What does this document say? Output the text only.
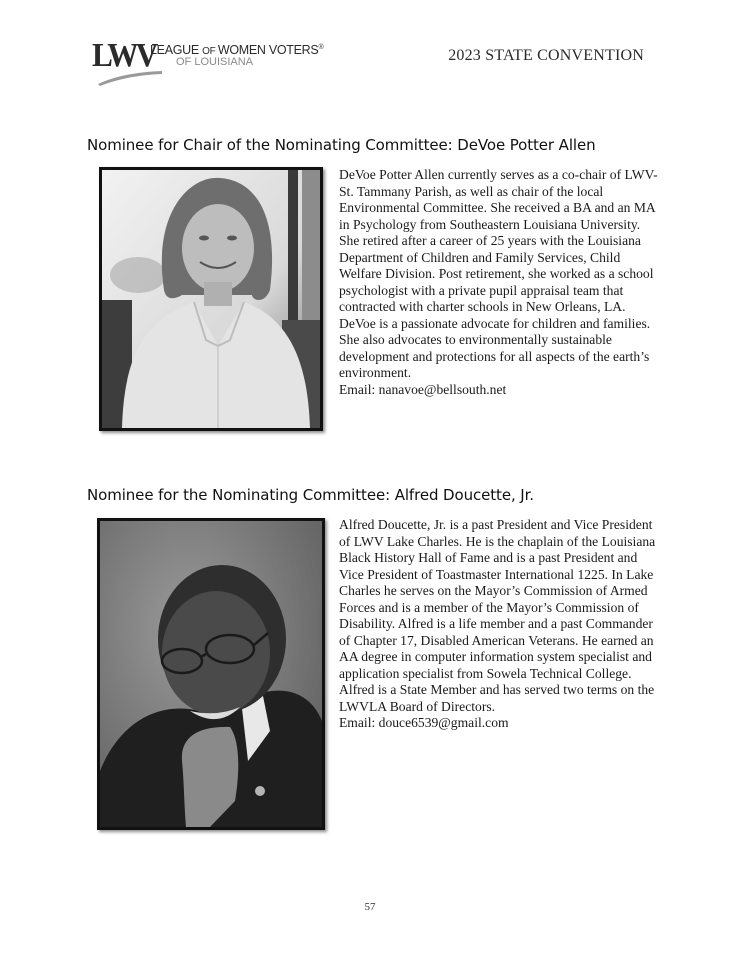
LWV
LEAGUE OF WOMEN VOTERS®
OF LOUISIANA	2023 STATE CONVENTION
Nominee for Chair of the Nominating Committee: DeVoe Potter Allen

DeVoe Potter Allen currently serves as a co-chair of LWV-St. Tammany Parish, as well as chair of the local Environmental Committee. She received a BA and an MA in Psychology from Southeastern Louisiana University. She retired after a career of 25 years with the Louisiana Department of Children and Family Services, Child Welfare Division. Post retirement, she worked as a school psychologist with a private pupil appraisal team that contracted with charter schools in New Orleans, LA. DeVoe is a passionate advocate for children and families. She also advocates to environmentally sustainable development and protections for all aspects of the earth’s environment.

Email: nanavoe@bellsouth.net

Nominee for the Nominating Committee: Alfred Doucette, Jr.

Alfred Doucette, Jr. is a past President and Vice President of LWV Lake Charles. He is the chaplain of the Louisiana Black History Hall of Fame and is a past President and Vice President of Toastmaster International 1225. In Lake Charles he serves on the Mayor’s Commission of Armed Forces and is a member of the Mayor’s Commission of Disability. Alfred is a life member and a past Commander of Chapter 17, Disabled American Veterans. He earned an AA degree in computer information system specialist and application specialist from Sowela Technical College. Alfred is a State Member and has served two terms on the LWVLA Board of Directors.

Email: douce6539@gmail.com

57
